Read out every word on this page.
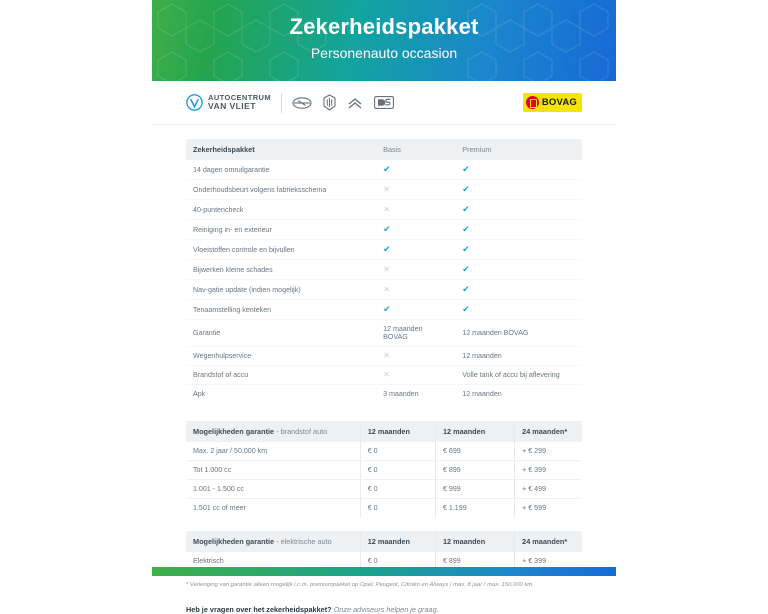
Zekerheidspakket
Personenauto occasion
AUTOCENTRUM
VAN VLIET	BOVAG
Zekerheidspakket	Basis	Premium
14 dagen omruilgarantie	✔	✔
Onderhoudsbeurt volgens fabrieksschema	✕	✔
40-puntencheck	✕	✔
Reiniging in- en exterieur	✔	✔
Vloeistoffen controle en bijvullen	✔	✔
Bijwerken kleine schades	✕	✔
Nav-gatie update (indien mogelijk)	✕	✔
Tenaamstelling kenteken	✔	✔
Garantie	12 maanden BOVAG	12 maanden BOVAG
Wegenhulpservice	✕	12 maanden
Brandstof of accu	✕	Volle tank of accu bij aflevering
Apk	3 maanden	12 maanden
Mogelijkheden garantie - brandstof auto	12 maanden	12 maanden	24 maanden*
Max. 2 jaar / 50.000 km	€ 0	€ 699	+ € 299
Tot 1.000 cc	€ 0	€ 899	+ € 399
1.001 - 1.500 cc	€ 0	€ 999	+ € 499
1.501 cc of meer	€ 0	€ 1.199	+ € 599
Mogelijkheden garantie - elektrische auto	12 maanden	12 maanden	24 maanden*
Elektrisch	€ 0	€ 899	+ € 399
* Verlenging van garantie alleen mogelijk i.c.m. premiumpakket op Opel, Peugeot, Citroën en Always / max. 8 jaar / max. 150.000 km.
Heb je vragen over het zekerheidspakket? Onze adviseurs helpen je graag.
